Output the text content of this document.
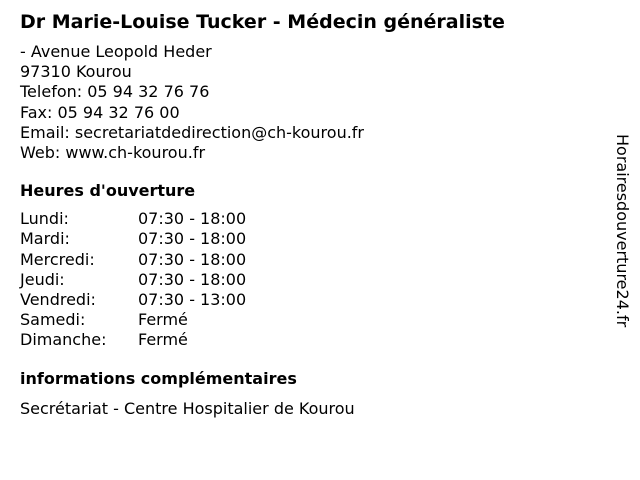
Dr Marie-Louise Tucker - Médecin généraliste
- Avenue Leopold Heder
97310 Kourou
Telefon: 05 94 32 76 76
Fax: 05 94 32 76 00
Email: secretariatdedirection@ch-kourou.fr
Web: www.ch-kourou.fr
Heures d'ouverture
Lundi:	07:30 - 18:00
Mardi:	07:30 - 18:00
Mercredi:	07:30 - 18:00
Jeudi:	07:30 - 18:00
Vendredi:	07:30 - 13:00
Samedi:	Fermé
Dimanche:	Fermé
informations complémentaires
Secrétariat - Centre Hospitalier de Kourou
Horairesdouverture24.fr
